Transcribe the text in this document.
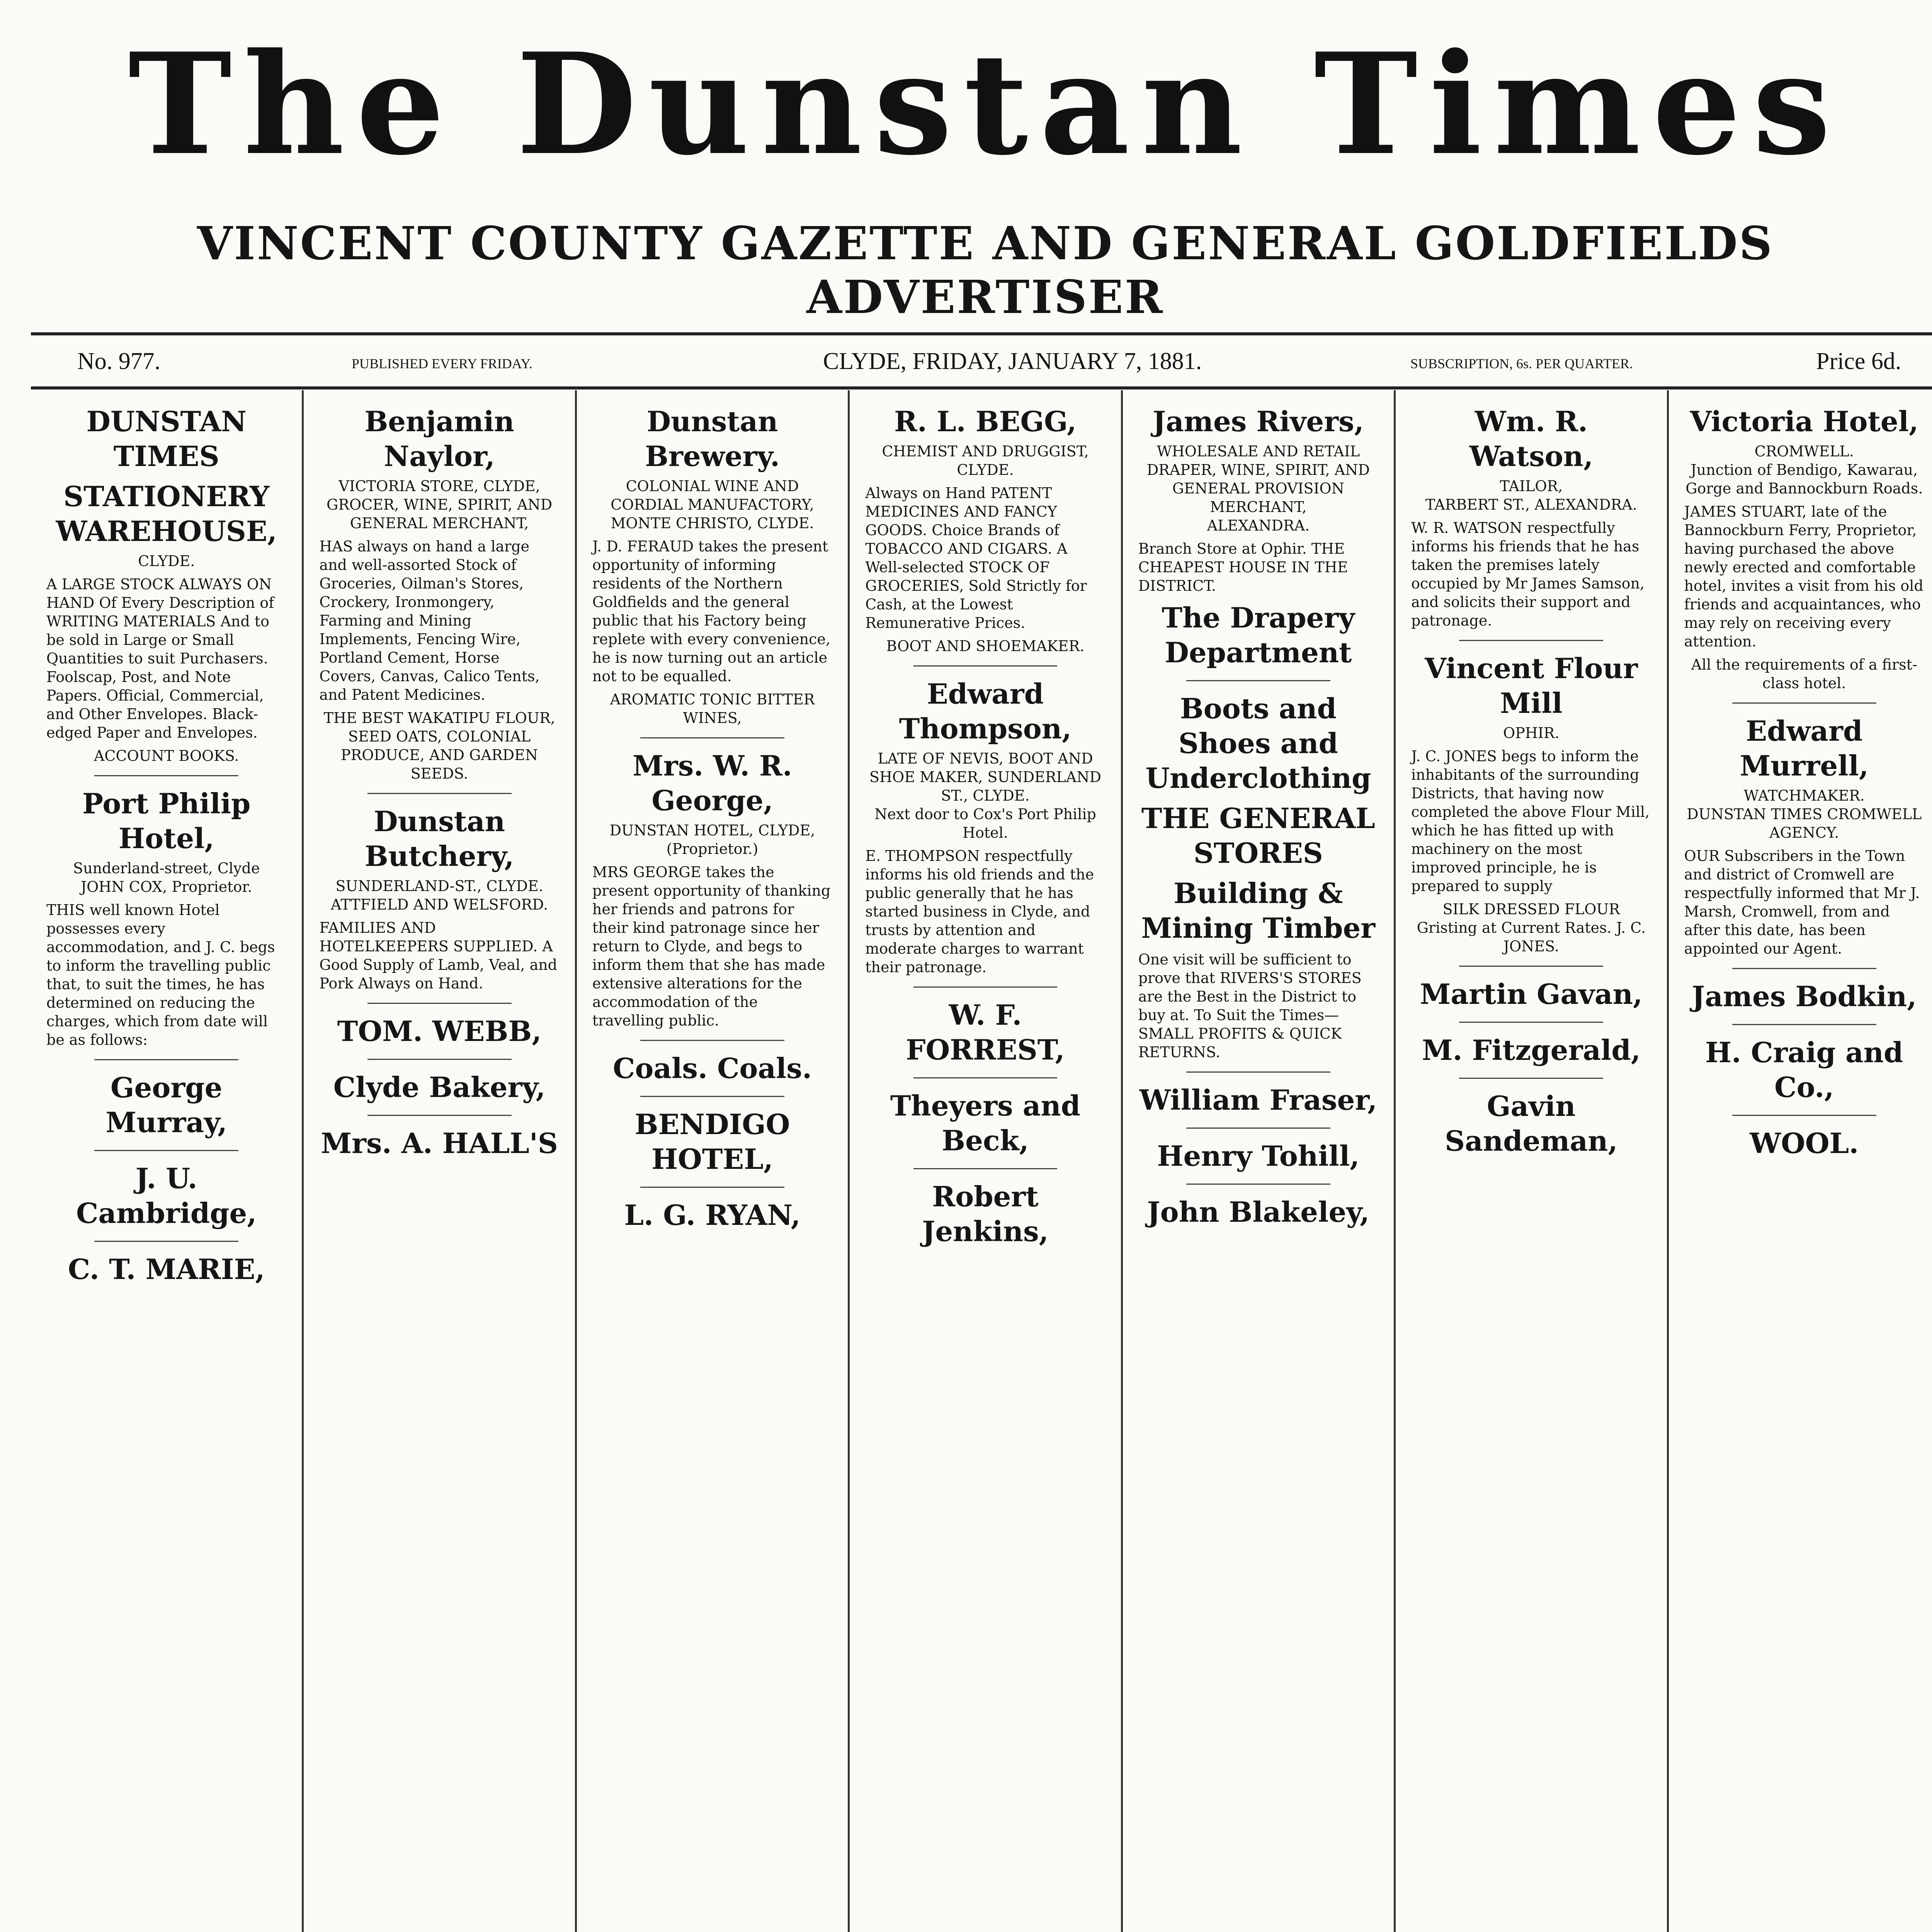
The Dunstan Times
VINCENT COUNTY GAZETTE AND GENERAL GOLDFIELDS ADVERTISER
No. 977.	PUBLISHED EVERY FRIDAY.	CLYDE, FRIDAY, JANUARY 7, 1881.	SUBSCRIPTION, 6s. PER QUARTER.	Price 6d.
DUNSTAN TIMES
STATIONERY WAREHOUSE,
CLYDE.
A LARGE STOCK ALWAYS ON HAND Of Every Description of WRITING MATERIALS And to be sold in Large or Small Quantities to suit Purchasers. Foolscap, Post, and Note Papers. Official, Commercial, and Other Envelopes. Black-edged Paper and Envelopes.
ACCOUNT BOOKS.
Port Philip Hotel,
Sunderland-street, Clyde
JOHN COX, Proprietor.
THIS well known Hotel possesses every accommodation, and J. C. begs to inform the travelling public that, to suit the times, he has determined on reducing the charges, which from date will be as follows:
George Murray,
J. U. Cambridge,
C. T. MARIE,
Benjamin Naylor,
VICTORIA STORE, CLYDE,
GROCER, WINE, SPIRIT, AND GENERAL MERCHANT,
HAS always on hand a large and well-assorted Stock of Groceries, Oilman's Stores, Crockery, Ironmongery, Farming and Mining Implements, Fencing Wire, Portland Cement, Horse Covers, Canvas, Calico Tents, and Patent Medicines.
THE BEST WAKATIPU FLOUR, SEED OATS, COLONIAL PRODUCE, AND GARDEN SEEDS.
Dunstan Butchery,
SUNDERLAND-ST., CLYDE.
ATTFIELD AND WELSFORD.
FAMILIES AND HOTELKEEPERS SUPPLIED. A Good Supply of Lamb, Veal, and Pork Always on Hand.
TOM. WEBB,
Clyde Bakery,
Mrs. A. HALL'S
Dunstan Brewery.
COLONIAL WINE AND CORDIAL MANUFACTORY,
MONTE CHRISTO, CLYDE.
J. D. FERAUD takes the present opportunity of informing residents of the Northern Goldfields and the general public that his Factory being replete with every convenience, he is now turning out an article not to be equalled.
AROMATIC TONIC BITTER WINES,
Mrs. W. R. George,
DUNSTAN HOTEL, CLYDE,
(Proprietor.)
MRS GEORGE takes the present opportunity of thanking her friends and patrons for their kind patronage since her return to Clyde, and begs to inform them that she has made extensive alterations for the accommodation of the travelling public.
Coals. Coals.
BENDIGO HOTEL,
L. G. RYAN,
R. L. BEGG,
CHEMIST AND DRUGGIST,
CLYDE.
Always on Hand PATENT MEDICINES AND FANCY GOODS. Choice Brands of TOBACCO AND CIGARS. A Well-selected STOCK OF GROCERIES, Sold Strictly for Cash, at the Lowest Remunerative Prices.
BOOT AND SHOEMAKER.
Edward Thompson,
LATE OF NEVIS, BOOT AND SHOE MAKER, SUNDERLAND ST., CLYDE.
Next door to Cox's Port Philip Hotel.
E. THOMPSON respectfully informs his old friends and the public generally that he has started business in Clyde, and trusts by attention and moderate charges to warrant their patronage.
W. F. FORREST,
Theyers and Beck,
Robert Jenkins,
James Rivers,
WHOLESALE AND RETAIL DRAPER, WINE, SPIRIT, AND GENERAL PROVISION MERCHANT,
ALEXANDRA.
Branch Store at Ophir. THE CHEAPEST HOUSE IN THE DISTRICT.
The Drapery Department
Boots and Shoes and Underclothing
THE GENERAL STORES
Building & Mining Timber
One visit will be sufficient to prove that RIVERS'S STORES are the Best in the District to buy at. To Suit the Times— SMALL PROFITS & QUICK RETURNS.
William Fraser,
Henry Tohill,
John Blakeley,
Wm. R. Watson,
TAILOR,
TARBERT ST., ALEXANDRA.
W. R. WATSON respectfully informs his friends that he has taken the premises lately occupied by Mr James Samson, and solicits their support and patronage.
Vincent Flour Mill
OPHIR.
J. C. JONES begs to inform the inhabitants of the surrounding Districts, that having now completed the above Flour Mill, which he has fitted up with machinery on the most improved principle, he is prepared to supply
SILK DRESSED FLOUR
Gristing at Current Rates. J. C. JONES.
Martin Gavan,
M. Fitzgerald,
Gavin Sandeman,
Victoria Hotel,
CROMWELL.
Junction of Bendigo, Kawarau, Gorge and Bannockburn Roads.
JAMES STUART, late of the Bannockburn Ferry, Proprietor, having purchased the above newly erected and comfortable hotel, invites a visit from his old friends and acquaintances, who may rely on receiving every attention.
All the requirements of a first-class hotel.
Edward Murrell,
WATCHMAKER.
DUNSTAN TIMES CROMWELL AGENCY.
OUR Subscribers in the Town and district of Cromwell are respectfully informed that Mr J. Marsh, Cromwell, from and after this date, has been appointed our Agent.
James Bodkin,
H. Craig and Co.,
WOOL.
